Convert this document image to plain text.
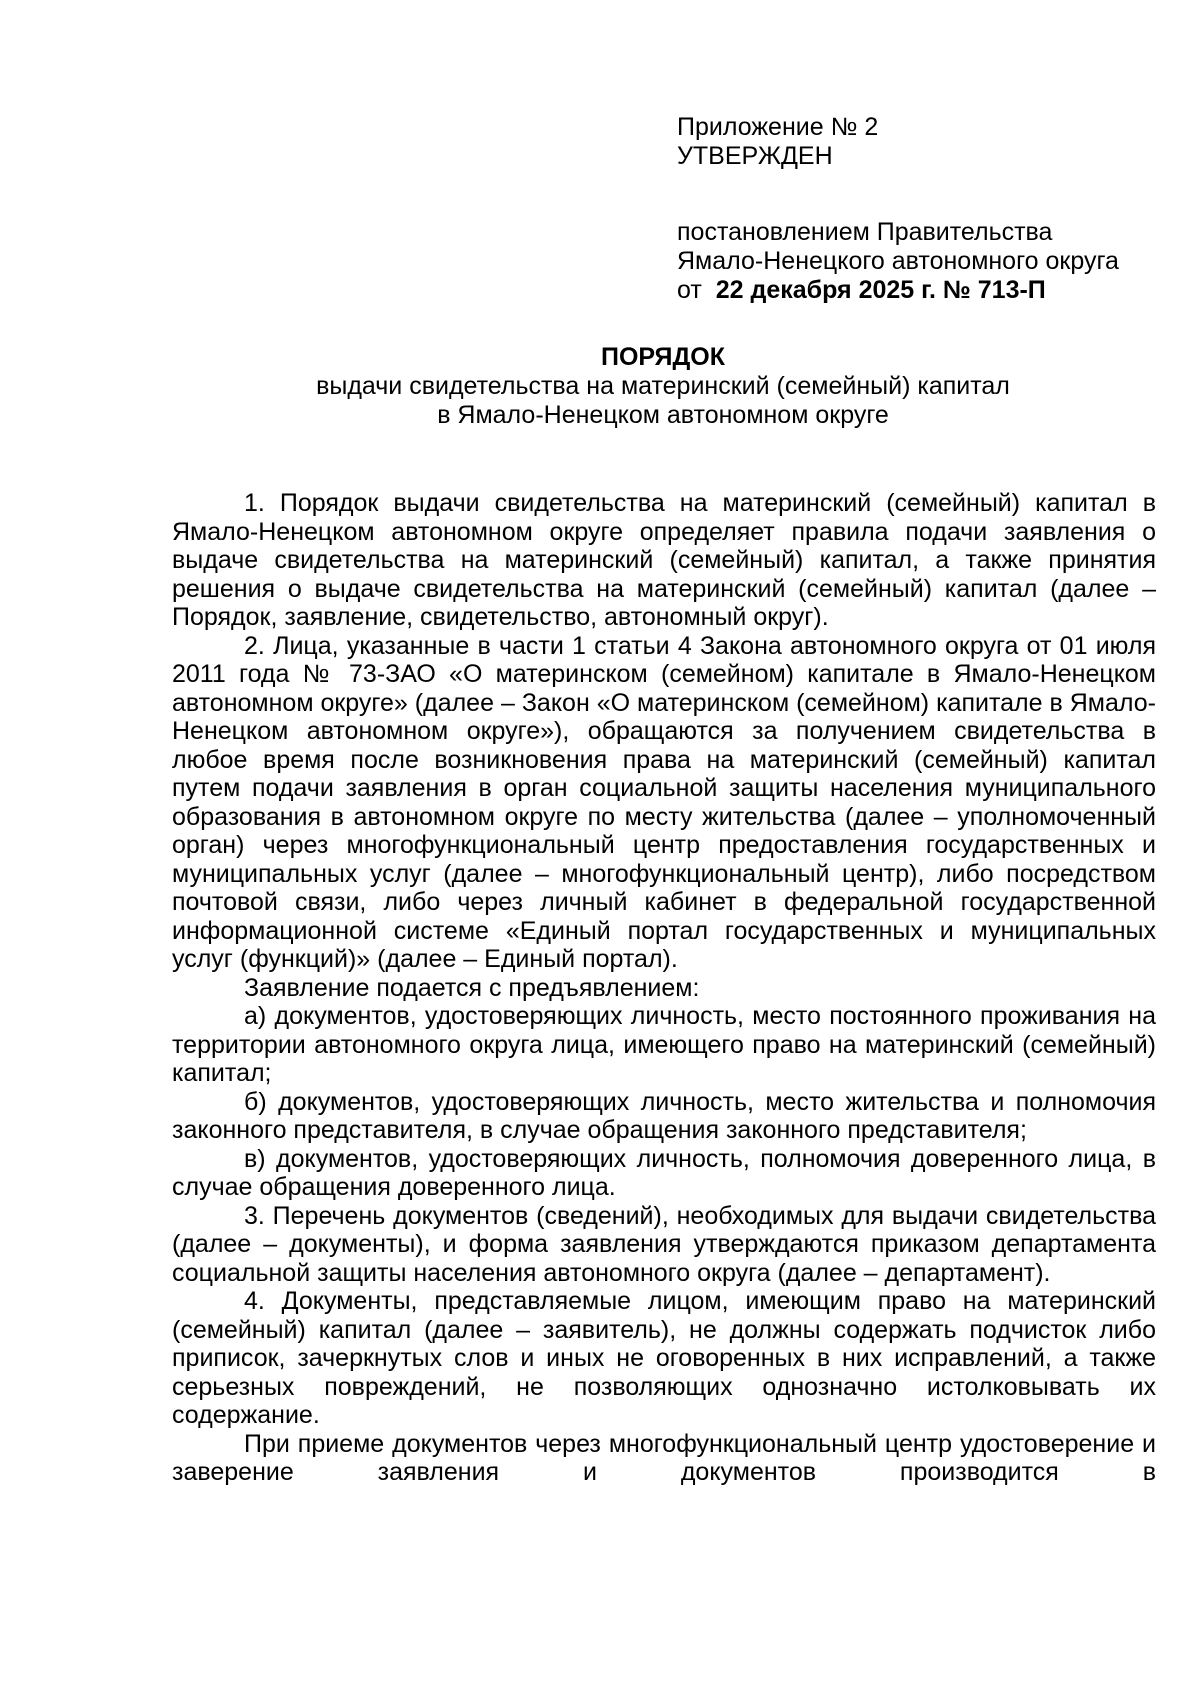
Приложение № 2
УТВЕРЖДЕН
постановлением Правительства
Ямало-Ненецкого автономного округа
от 22 декабря 2025 г. № 713-П
ПОРЯДОК
выдачи свидетельства на материнский (семейный) капитал
в Ямало-Ненецком автономном округе

1. Порядок выдачи свидетельства на материнский (семейный) капитал в Ямало-Ненецком автономном округе определяет правила подачи заявления о выдаче свидетельства на материнский (семейный) капитал, а также принятия решения о выдаче свидетельства на материнский (семейный) капитал (далее – Порядок, заявление, свидетельство, автономный округ).

2. Лица, указанные в части 1 статьи 4 Закона автономного округа от 01 июля 2011 года № 73-ЗАО «О материнском (семейном) капитале в Ямало-Ненецком автономном округе» (далее – Закон «О материнском (семейном) капитале в Ямало-Ненецком автономном округе»), обращаются за получением свидетельства в любое время после возникновения права на материнский (семейный) капитал путем подачи заявления в орган социальной защиты населения муниципального образования в автономном округе по месту жительства (далее – уполномоченный орган) через многофункциональный центр предоставления государственных и муниципальных услуг (далее – многофункциональный центр), либо посредством почтовой связи, либо через личный кабинет в федеральной государственной информационной системе «Единый портал государственных и муниципальных услуг (функций)» (далее – Единый портал).

Заявление подается с предъявлением:

а) документов, удостоверяющих личность, место постоянного проживания на территории автономного округа лица, имеющего право на материнский (семейный) капитал;

б) документов, удостоверяющих личность, место жительства и полномочия законного представителя, в случае обращения законного представителя;

в) документов, удостоверяющих личность, полномочия доверенного лица, в случае обращения доверенного лица.

3. Перечень документов (сведений), необходимых для выдачи свидетельства (далее – документы), и форма заявления утверждаются приказом департамента социальной защиты населения автономного округа (далее – департамент).

4. Документы, представляемые лицом, имеющим право на материнский (семейный) капитал (далее – заявитель), не должны содержать подчисток либо приписок, зачеркнутых слов и иных не оговоренных в них исправлений, а также серьезных повреждений, не позволяющих однозначно истолковывать их содержание.

При приеме документов через многофункциональный центр удостоверение и заверение заявления и документов производится в
